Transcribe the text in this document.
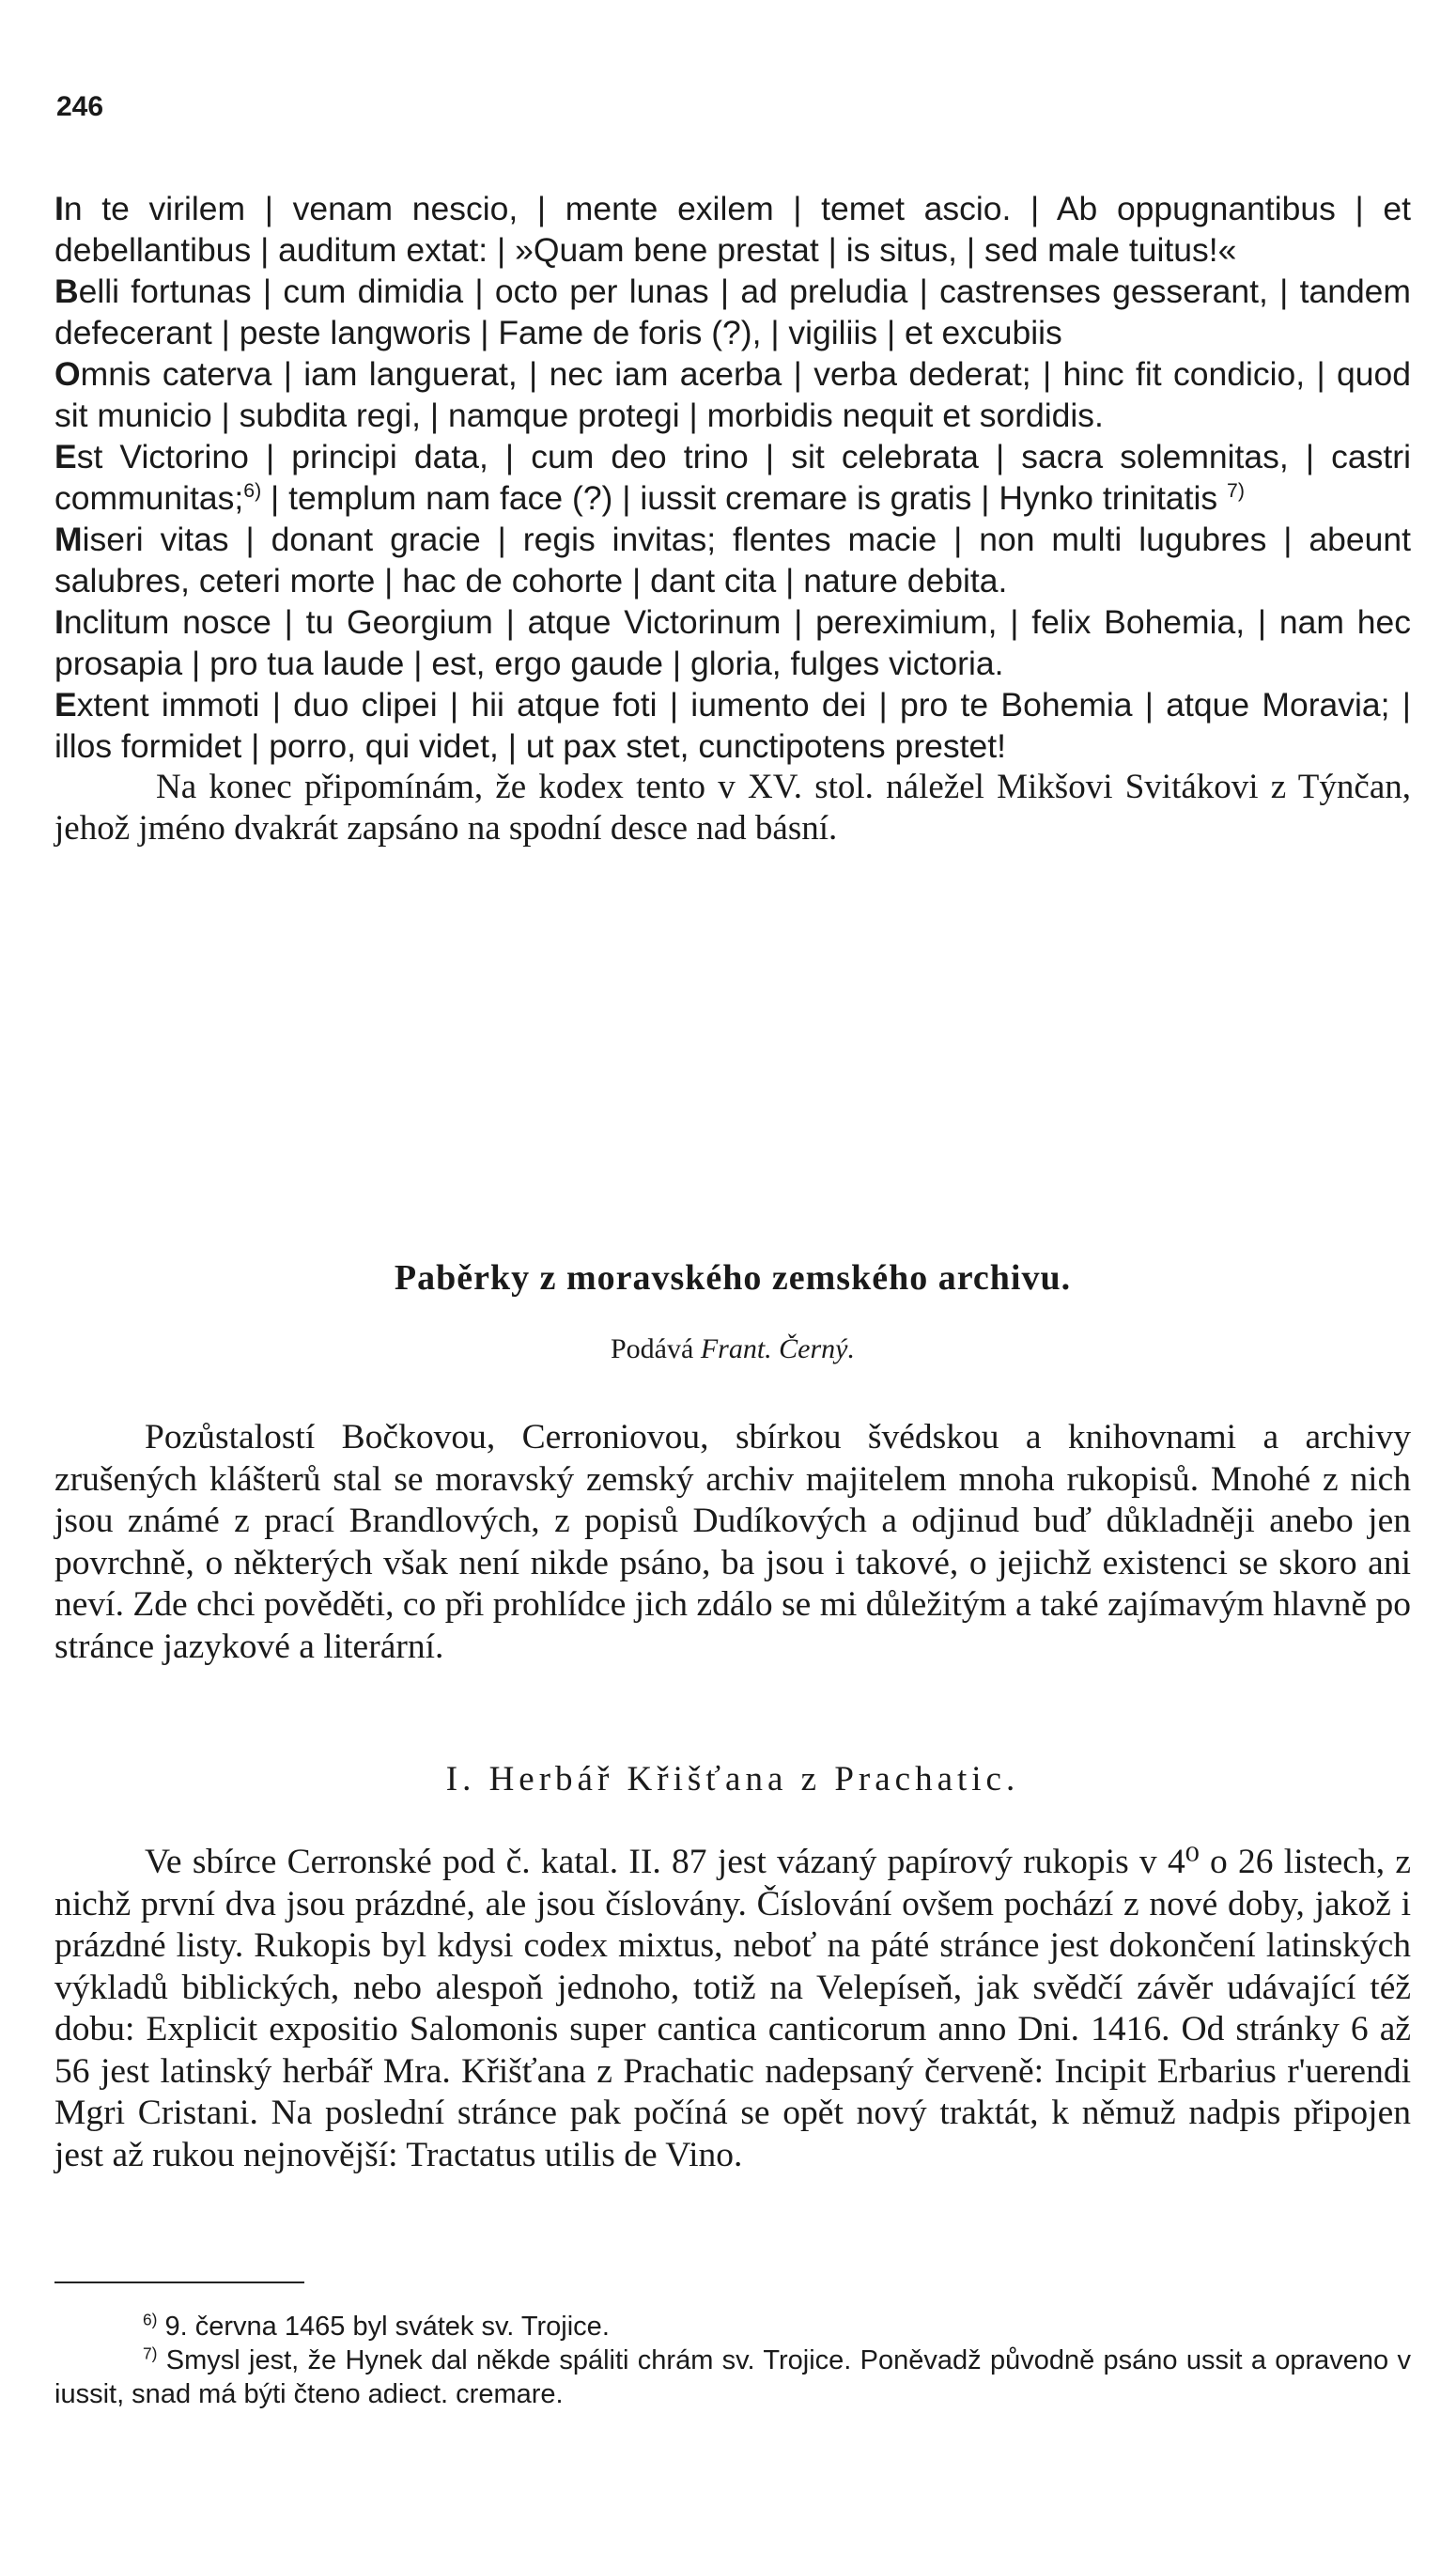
246

In te virilem | venam nescio, | mente exilem | temet ascio. | Ab oppugnantibus | et debellantibus | auditum extat: | »Quam bene prestat | is situs, | sed male tuitus!«

Belli fortunas | cum dimidia | octo per lunas | ad preludia | castrenses gesserant, | tandem defecerant | peste langworis | Fame de foris (?), | vigiliis | et excubiis

Omnis caterva | iam languerat, | nec iam acerba | verba dederat; | hinc fit condicio, | quod sit municio | subdita regi, | namque protegi | morbidis nequit et sordidis.

Est Victorino | principi data, | cum deo trino | sit celebrata | sacra solemnitas, | castri communitas;$^{6)}$ | templum nam face (?) | iussit cremare is gratis | Hynko trinitatis $^{7)}$

Miseri vitas | donant gracie | regis invitas; flentes macie | non multi lugubres | abeunt salubres, ceteri morte | hac de cohorte | dant cita | nature debita.

Inclitum nosce | tu Georgium | atque Victorinum | pereximium, | felix Bohemia, | nam hec prosapia | pro tua laude | est, ergo gaude | gloria, fulges victoria.

Extent immoti | duo clipei | hii atque foti | iumento dei | pro te Bohemia | atque Moravia; | illos formidet | porro, qui videt, | ut pax stet, cunctipotens prestet!

Na konec připomínám, že kodex tento v XV. stol. náležel Mikšovi Svitákovi z Týnčan, jehož jméno dvakrát zapsáno na spodní desce nad básní.

Paběrky z moravského zemského archivu.
Podává Frant. Černý.

Pozůstalostí Bočkovou, Cerroniovou, sbírkou švédskou a knihovnami a archivy zrušených klášterů stal se moravský zemský archiv majitelem mnoha rukopisů. Mnohé z nich jsou známé z prací Brandlových, z popisů Dudíkových a odjinud buď důkladněji anebo jen povrchně, o některých však není nikde psáno, ba jsou i takové, o jejichž existenci se skoro ani neví. Zde chci pověděti, co při prohlídce jich zdálo se mi důležitým a také zajímavým hlavně po stránce jazykové a literární.

I. Herbář Křišťana z Prachatic.

Ve sbírce Cerronské pod č. katal. II. 87 jest vázaný papírový rukopis v 4⁰ o 26 listech, z nichž první dva jsou prázdné, ale jsou číslovány. Číslování ovšem pochází z nové doby, jakož i prázdné listy. Rukopis byl kdysi codex mixtus, neboť na páté stránce jest dokončení latinských výkladů biblických, nebo alespoň jednoho, totiž na Velepíseň, jak svědčí závěr udávající též dobu: Explicit expositio Salomonis super cantica canticorum anno Dni. 1416. Od stránky 6 až 56 jest latinský herbář Mra. Křišťana z Prachatic nadepsaný červeně: Incipit Erbarius r'uerendi Mgri Cristani. Na poslední stránce pak počíná se opět nový traktát, k němuž nadpis připojen jest až rukou nejnovější: Tractatus utilis de Vino.

$^{6)}$ 9. června 1465 byl svátek sv. Trojice.

$^{7)}$ Smysl jest, že Hynek dal někde spáliti chrám sv. Trojice. Poněvadž původně psáno ussit a opraveno v iussit, snad má býti čteno adiect. cremare.
